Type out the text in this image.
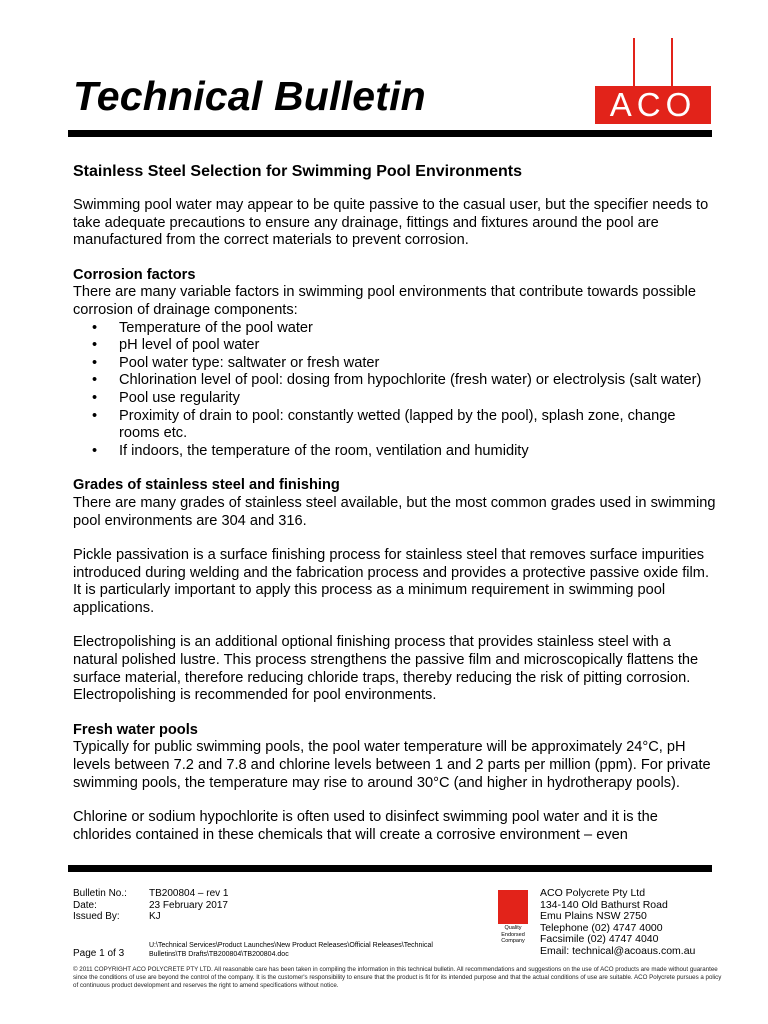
Technical Bulletin	ACO

Stainless Steel Selection for Swimming Pool Environments

Swimming pool water may appear to be quite passive to the casual user, but the specifier needs to take adequate precautions to ensure any drainage, fittings and fixtures around the pool are manufactured from the correct materials to prevent corrosion.

Corrosion factors

There are many variable factors in swimming pool environments that contribute towards possible corrosion of drainage components:

• Temperature of the pool water
• pH level of pool water
• Pool water type: saltwater or fresh water
• Chlorination level of pool: dosing from hypochlorite (fresh water) or electrolysis (salt water)
• Pool use regularity
• Proximity of drain to pool: constantly wetted (lapped by the pool), splash zone, change rooms etc.
• If indoors, the temperature of the room, ventilation and humidity

Grades of stainless steel and finishing

There are many grades of stainless steel available, but the most common grades used in swimming pool environments are 304 and 316.

Pickle passivation is a surface finishing process for stainless steel that removes surface impurities introduced during welding and the fabrication process and provides a protective passive oxide film. It is particularly important to apply this process as a minimum requirement in swimming pool applications.

Electropolishing is an additional optional finishing process that provides stainless steel with a natural polished lustre. This process strengthens the passive film and microscopically flattens the surface material, therefore reducing chloride traps, thereby reducing the risk of pitting corrosion. Electropolishing is recommended for pool environments.

Fresh water pools

Typically for public swimming pools, the pool water temperature will be approximately 24°C, pH levels between 7.2 and 7.8 and chlorine levels between 1 and 2 parts per million (ppm). For private swimming pools, the temperature may rise to around 30°C (and higher in hydrotherapy pools).

Chlorine or sodium hypochlorite is often used to disinfect swimming pool water and it is the chlorides contained in these chemicals that will create a corrosive environment – even

Bulletin No.: TB200804 – rev 1
Date:	23 February 2017
Issued By:	KJ
U:\Technical Services\Product Launches\New Product Releases\Official Releases\Technical Bulletins\TB Drafts\TB200804\TB200804.doc
Page 1 of 3
Quality Endorsed Company
ACO Polycrete Pty Ltd
134-140 Old Bathurst Road
Emu Plains NSW 2750
Telephone (02) 4747 4000
Facsimile (02) 4747 4040
Email: technical@acoaus.com.au
© 2011 COPYRIGHT ACO POLYCRETE PTY LTD. All reasonable care has been taken in compiling the information in this technical bulletin. All recommendations and suggestions on the use of ACO products are made without guarantee since the conditions of use are beyond the control of the company. It is the customer's responsibility to ensure that the product is fit for its intended purpose and that the actual conditions of use are suitable. ACO Polycrete pursues a policy of continuous product development and reserves the right to amend specifications without notice.
